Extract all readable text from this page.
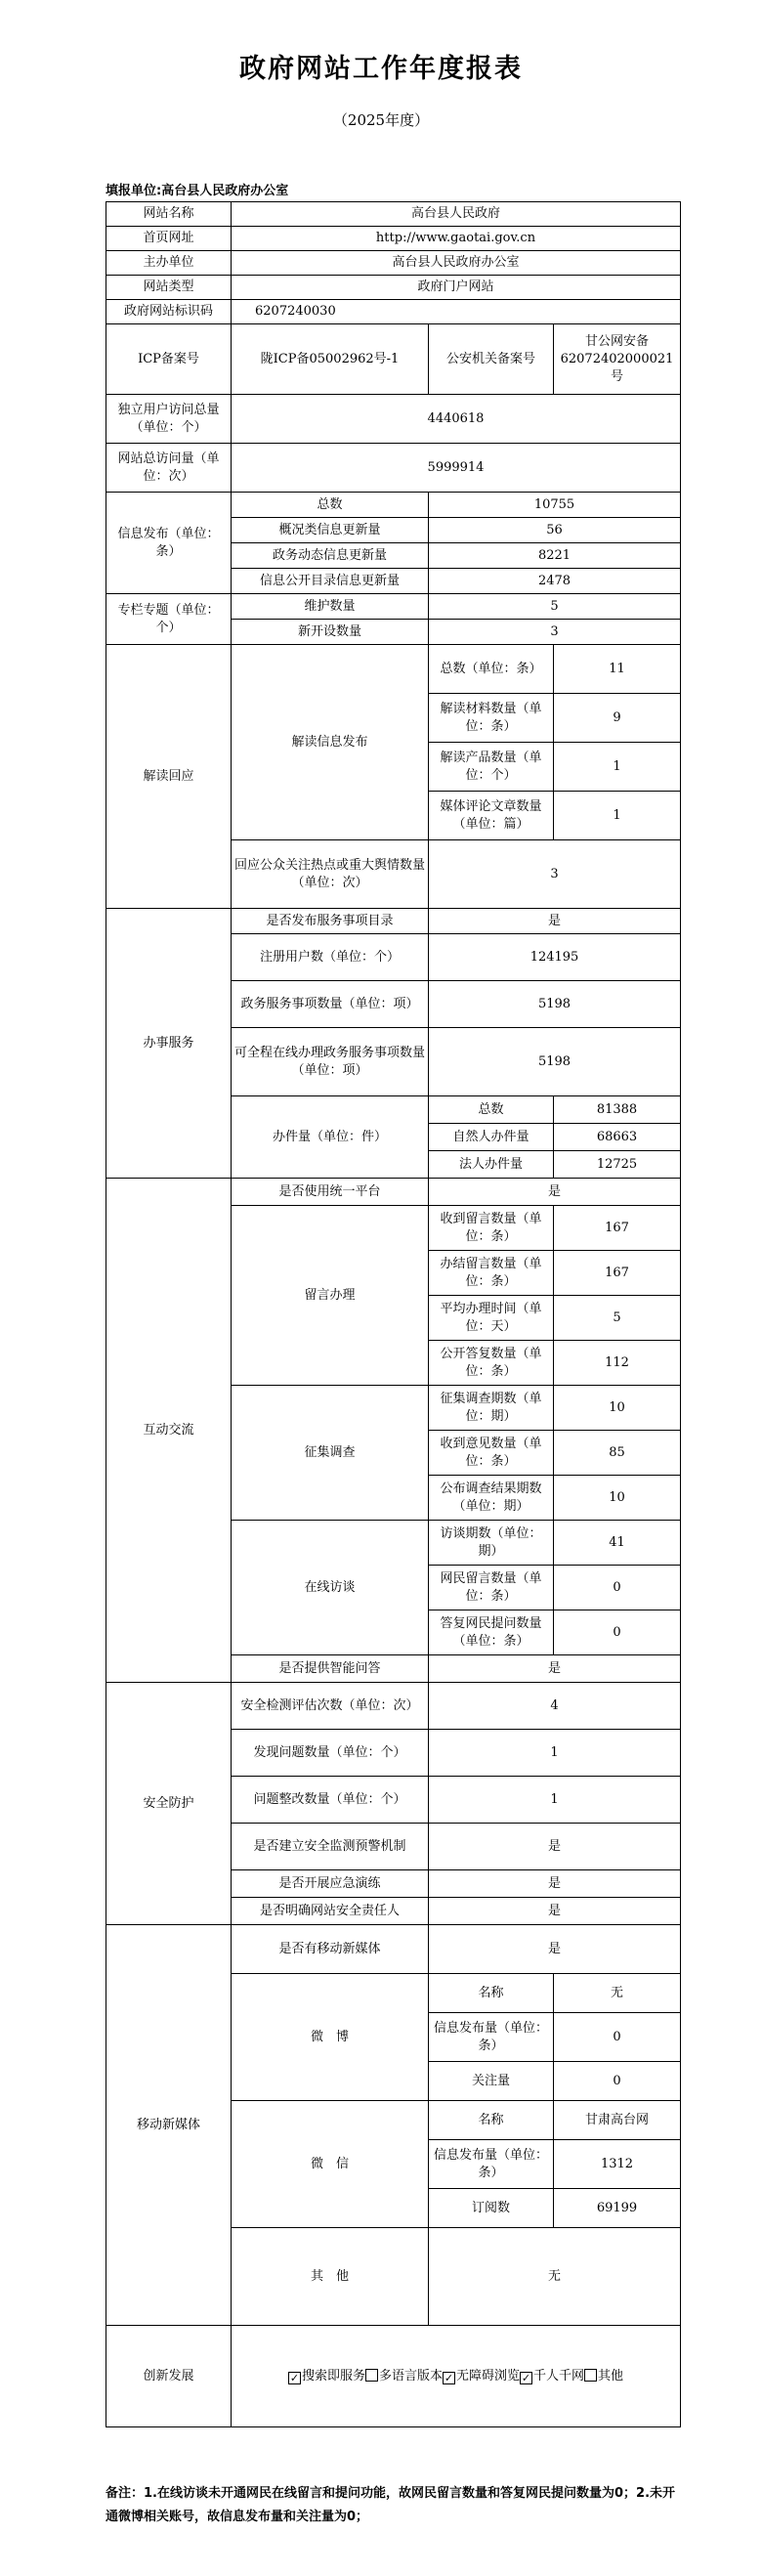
政府网站工作年度报表
（2025年度）
填报单位:高台县人民政府办公室
网站名称	高台县人民政府		
首页网址	http://www.gaotai.gov.cn		
主办单位	高台县人民政府办公室		
网站类型	政府门户网站		
政府网站标识码	6207240030		
ICP备案号	陇ICP备05002962号-1	公安机关备案号	甘公网安备62072402000021号
独立用户访问总量（单位：个）	4440618		
网站总访问量（单位：次）	5999914		
信息发布（单位：条）	总数	10755	
	概况类信息更新量	56	
	政务动态信息更新量	8221	
	信息公开目录信息更新量	2478	
专栏专题（单位：个）	维护数量	5	
	新开设数量	3	
解读回应	解读信息发布	总数（单位：条）	11
		解读材料数量（单位：条）	9
		解读产品数量（单位：个）	1
		媒体评论文章数量（单位：篇）	1
	回应公众关注热点或重大舆情数量（单位：次）	3	
办事服务	是否发布服务事项目录	是	
	注册用户数（单位：个）	124195	
	政务服务事项数量（单位：项）	5198	
	可全程在线办理政务服务事项数量（单位：项）	5198	
	办件量（单位：件）	总数	81388
		自然人办件量	68663
		法人办件量	12725
互动交流	是否使用统一平台	是	
	留言办理	收到留言数量（单位：条）	167
		办结留言数量（单位：条）	167
		平均办理时间（单位：天）	5
		公开答复数量（单位：条）	112
	征集调查	征集调查期数（单位：期）	10
		收到意见数量（单位：条）	85
		公布调查结果期数（单位：期）	10
	在线访谈	访谈期数（单位：期）	41
		网民留言数量（单位：条）	0
		答复网民提问数量（单位：条）	0
	是否提供智能问答	是	
安全防护	安全检测评估次数（单位：次）	4	
	发现问题数量（单位：个）	1	
	问题整改数量（单位：个）	1	
	是否建立安全监测预警机制	是	
	是否开展应急演练	是	
	是否明确网站安全责任人	是	
移动新媒体	是否有移动新媒体	是	
	微　博	名称	无
		信息发布量（单位：条）	0
		关注量	0
	微　信	名称	甘肃高台网
		信息发布量（单位：条）	1312
		订阅数	69199
	其　他	无	
创新发展	✓ 搜索即服务 多语言版本 ✓ 无障碍浏览 ✓ 千人千网 其他		
备注：1.在线访谈未开通网民在线留言和提问功能，故网民留言数量和答复网民提问数量为0；2.未开通微博相关账号，故信息发布量和关注量为0；
